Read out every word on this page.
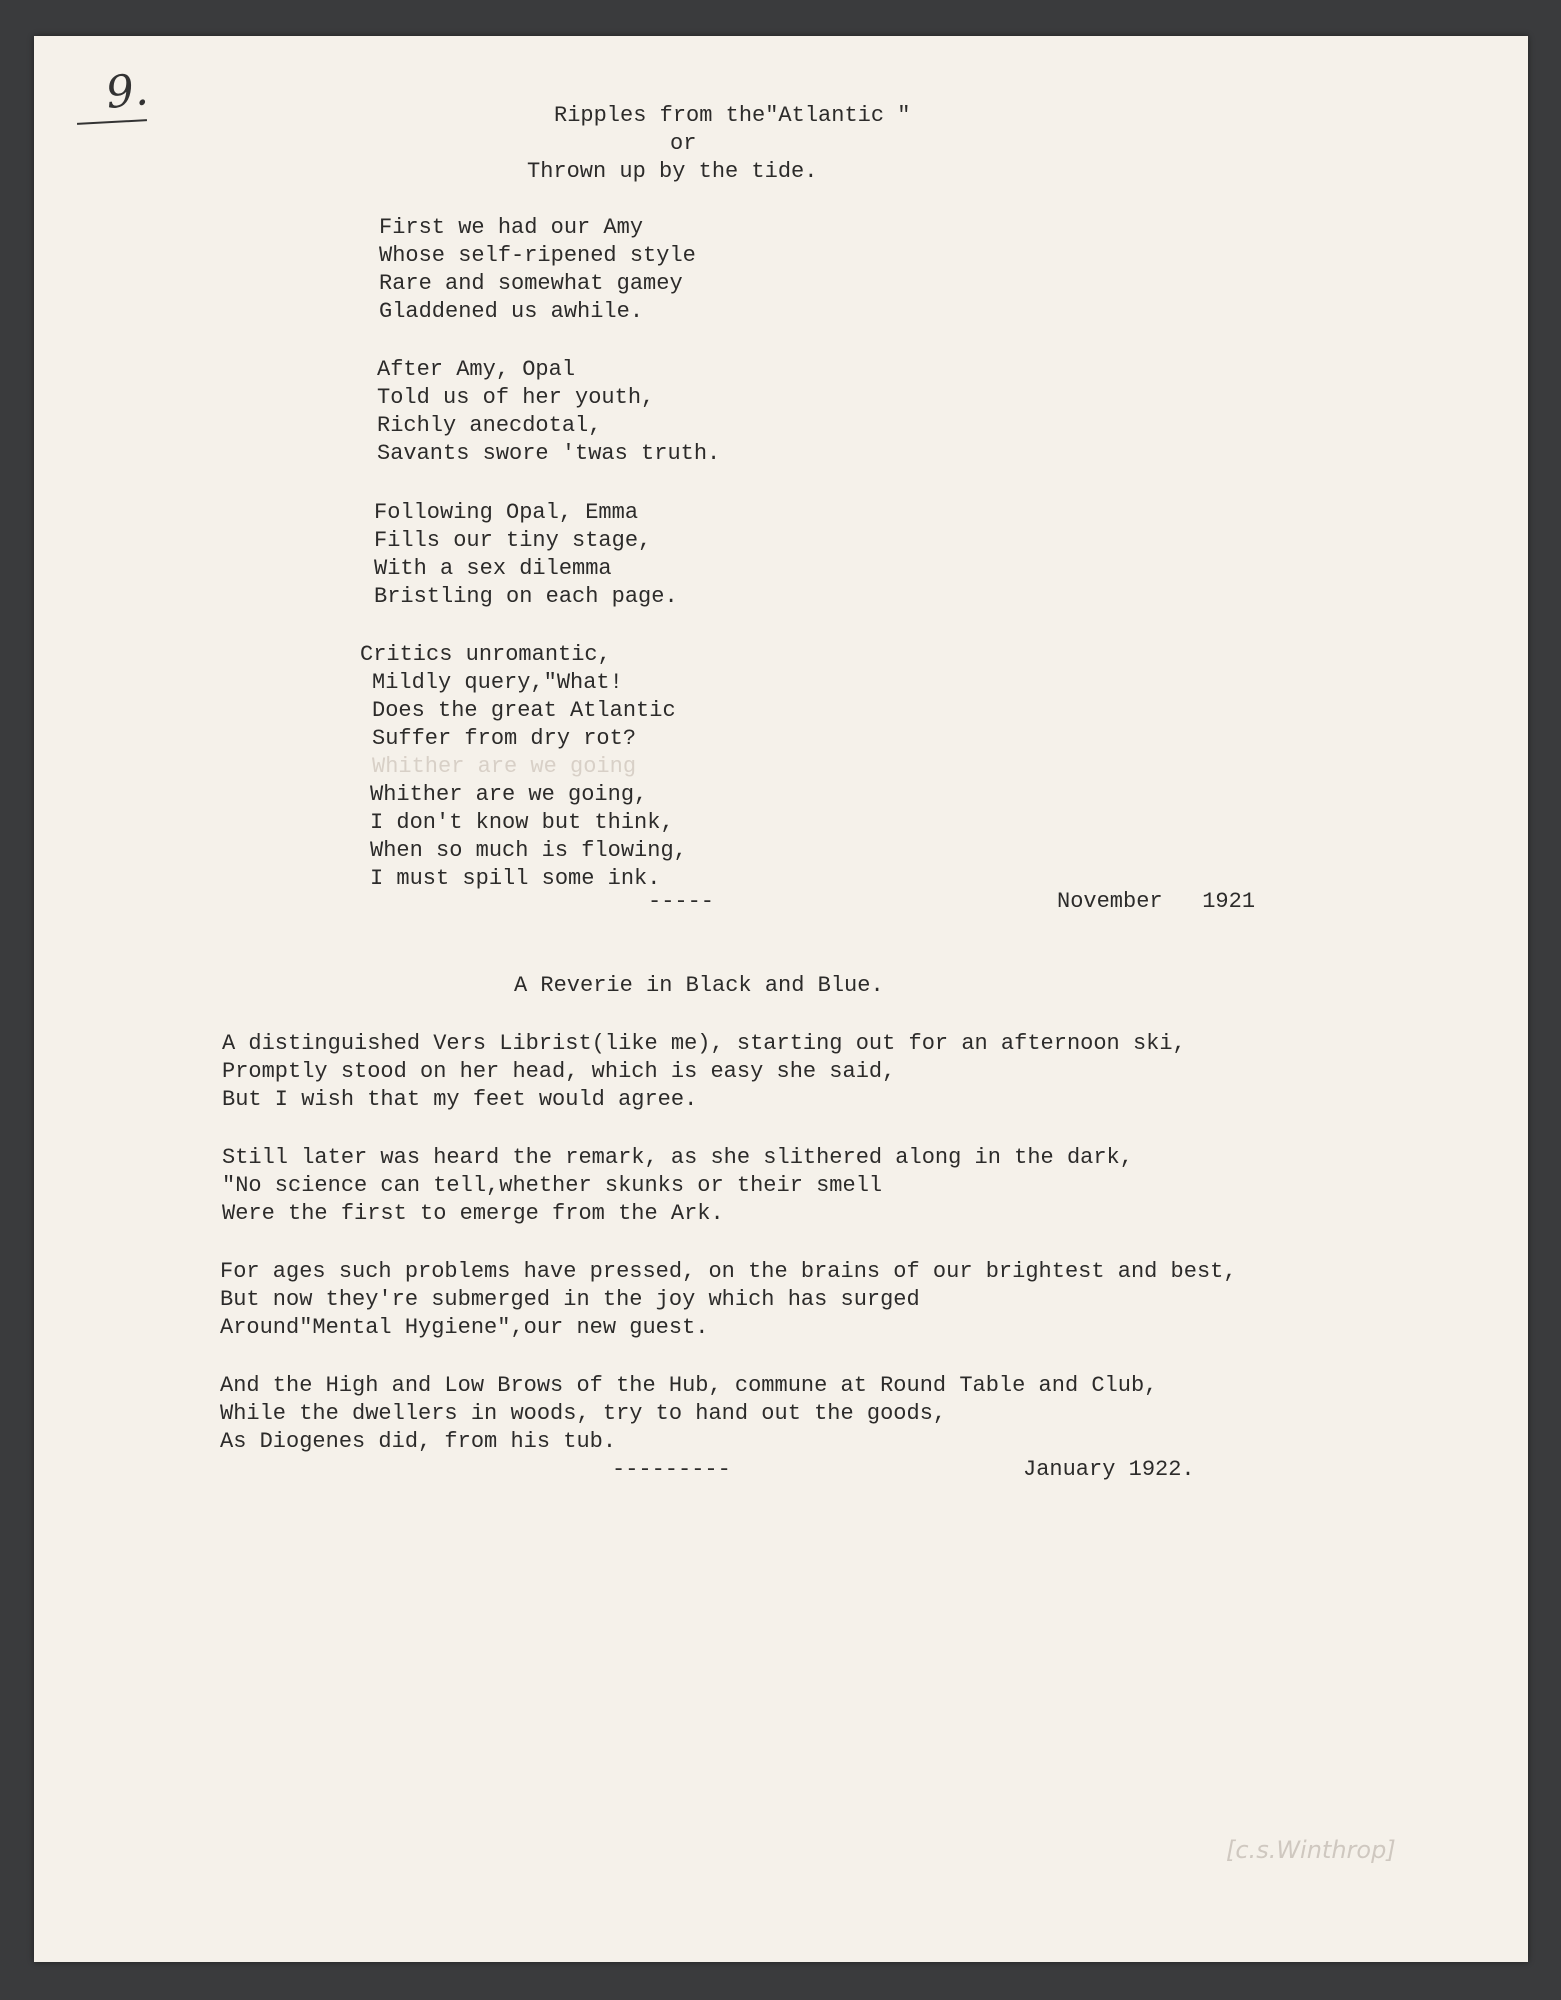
9.	Ripples from the"Atlantic "
or
Thrown up by the tide.
First we had our Amy
Whose self-ripened style
Rare and somewhat gamey
Gladdened us awhile.
After Amy, Opal
Told us of her youth,
Richly anecdotal,
Savants swore 'twas truth.
Following Opal, Emma
Fills our tiny stage,
With a sex dilemma
Bristling on each page.
Critics unromantic,
Mildly query,"What!
Does the great Atlantic
Suffer from dry rot?
Whither are we going
Whither are we going,
I don't know but think,
When so much is flowing,
I must spill some ink.
-----	November   1921
A Reverie in Black and Blue.
A distinguished Vers Librist(like me), starting out for an afternoon ski,
Promptly stood on her head, which is easy she said,
But I wish that my feet would agree.
Still later was heard the remark, as she slithered along in the dark,
"No science can tell,whether skunks or their smell
Were the first to emerge from the Ark.
For ages such problems have pressed, on the brains of our brightest and best,
But now they're submerged in the joy which has surged
Around"Mental Hygiene",our new guest.
And the High and Low Brows of the Hub, commune at Round Table and Club,
While the dwellers in woods, try to hand out the goods,
As Diogenes did, from his tub.
---------	January 1922.
[c.s.Winthrop]
